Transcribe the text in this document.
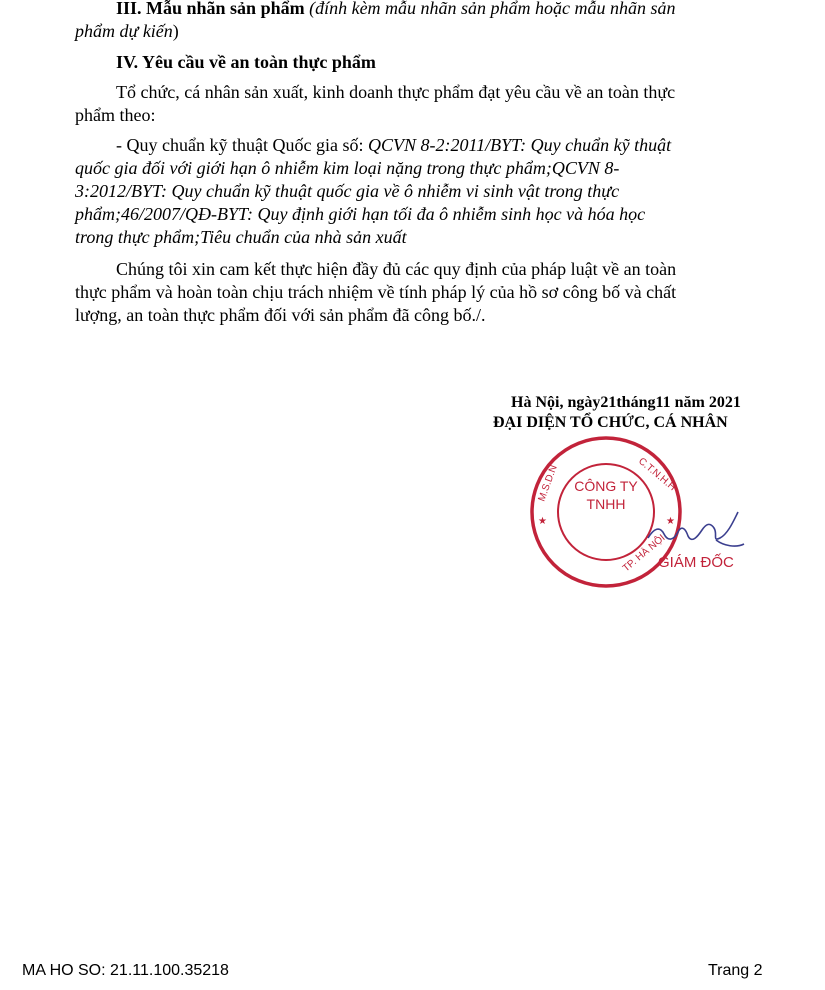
III. Mẫu nhãn sản phẩm (đính kèm mẫu nhãn sản phẩm hoặc mẫu nhãn sản
phẩm dự kiến)
IV. Yêu cầu về an toàn thực phẩm
Tổ chức, cá nhân sản xuất, kinh doanh thực phẩm đạt yêu cầu về an toàn thực
phẩm theo:
- Quy chuẩn kỹ thuật Quốc gia số: QCVN 8-2:2011/BYT: Quy chuẩn kỹ thuật
quốc gia đối với giới hạn ô nhiễm kim loại nặng trong thực phẩm;QCVN 8-
3:2012/BYT: Quy chuẩn kỹ thuật quốc gia về ô nhiễm vi sinh vật trong thực
phẩm;46/2007/QĐ-BYT: Quy định giới hạn tối đa ô nhiễm sinh học và hóa học
trong thực phẩm;Tiêu chuẩn của nhà sản xuất
Chúng tôi xin cam kết thực hiện đầy đủ các quy định của pháp luật về an toàn
thực phẩm và hoàn toàn chịu trách nhiệm về tính pháp lý của hồ sơ công bố và chất
lượng, an toàn thực phẩm đối với sản phẩm đã công bố./.
Hà Nội, ngày21tháng11 năm 2021
ĐẠI DIỆN TỔ CHỨC, CÁ NHÂN
M.S.D.N	C.T.N.H.H
TP. HÀ NỘI
★	★
CÔNG TY
TNHH
GIÁM ĐỐC
MA HO SO: 21.11.100.35218	Trang 2
